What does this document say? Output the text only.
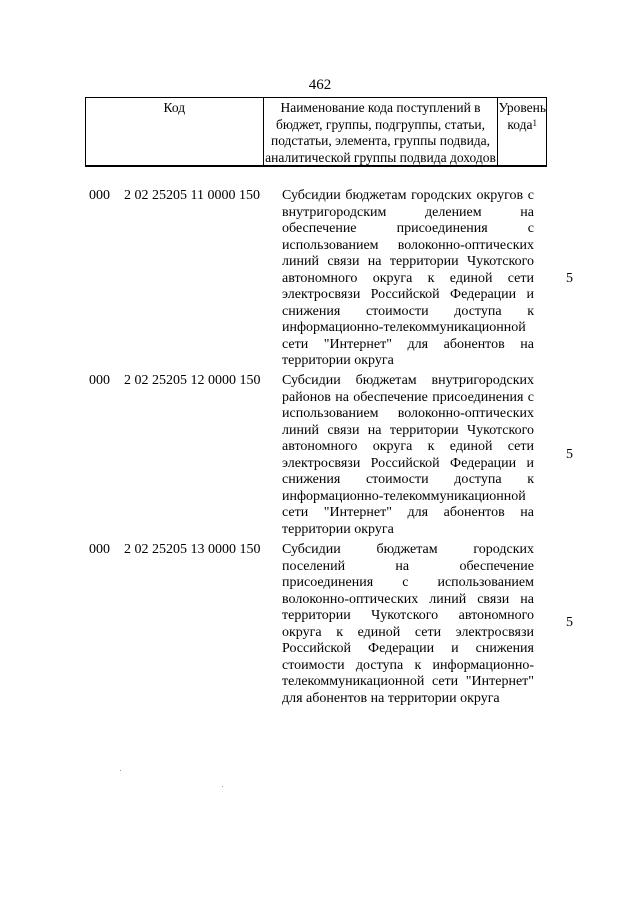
462
Код	Наименование кода поступлений в бюджет, группы, подгруппы, статьи, подстатьи, элемента, группы подвида, аналитической группы подвида доходов
Уровень кода$^1$
000 2 02 25205 11 0000 150 Субсидии бюджетам городских округов с внутригородским делением на обеспечение присоединения с использованием волоконно-оптических линий связи на территории Чукотского автономного округа к единой сети электросвязи Российской Федерации и снижения стоимости доступа к информационно-телекоммуникационной сети "Интернет" для абонентов на территории округа
5
000 2 02 25205 12 0000 150 Субсидии бюджетам внутригородских районов на обеспечение присоединения с использованием волоконно-оптических линий связи на территории Чукотского автономного округа к единой сети электросвязи Российской Федерации и снижения стоимости доступа к информационно-телекоммуникационной сети "Интернет" для абонентов на территории округа
5
000 2 02 25205 13 0000 150 Субсидии бюджетам городских поселений на обеспечение присоединения с использованием волоконно-оптических линий связи на территории Чукотского автономного округа к единой сети электросвязи Российской Федерации и снижения стоимости доступа к информационно-телекоммуникационной сети "Интернет" для абонентов на территории округа
5
